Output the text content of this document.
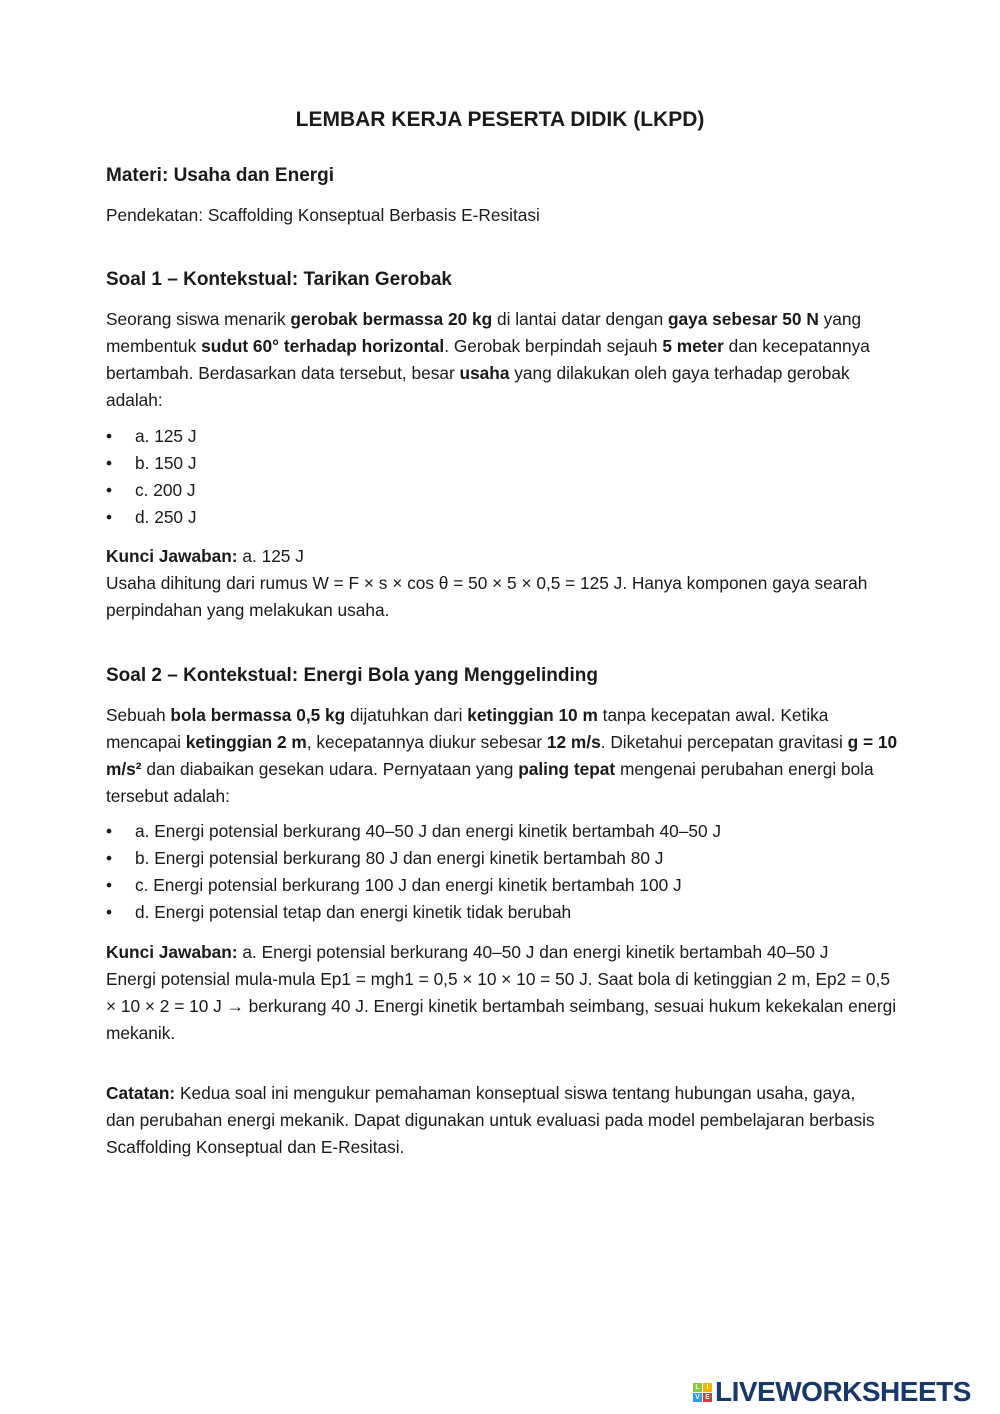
LEMBAR KERJA PESERTA DIDIK (LKPD)
Materi: Usaha dan Energi
Pendekatan: Scaffolding Konseptual Berbasis E-Resitasi
Soal 1 – Kontekstual: Tarikan Gerobak
Seorang siswa menarik gerobak bermassa 20 kg di lantai datar dengan gaya sebesar 50 N yang membentuk sudut 60° terhadap horizontal. Gerobak berpindah sejauh 5 meter dan kecepatannya bertambah. Berdasarkan data tersebut, besar usaha yang dilakukan oleh gaya terhadap gerobak adalah:
• a. 125 J
• b. 150 J
• c. 200 J
• d. 250 J
Kunci Jawaban: a. 125 J
Usaha dihitung dari rumus W = F × s × cos θ = 50 × 5 × 0,5 = 125 J. Hanya komponen gaya searah perpindahan yang melakukan usaha.
Soal 2 – Kontekstual: Energi Bola yang Menggelinding
Sebuah bola bermassa 0,5 kg dijatuhkan dari ketinggian 10 m tanpa kecepatan awal. Ketika mencapai ketinggian 2 m, kecepatannya diukur sebesar 12 m/s. Diketahui percepatan gravitasi g = 10 m/s² dan diabaikan gesekan udara. Pernyataan yang paling tepat mengenai perubahan energi bola tersebut adalah:
• a. Energi potensial berkurang 40–50 J dan energi kinetik bertambah 40–50 J
• b. Energi potensial berkurang 80 J dan energi kinetik bertambah 80 J
• c. Energi potensial berkurang 100 J dan energi kinetik bertambah 100 J
• d. Energi potensial tetap dan energi kinetik tidak berubah
Kunci Jawaban: a. Energi potensial berkurang 40–50 J dan energi kinetik bertambah 40–50 J
Energi potensial mula-mula Ep1 = mgh1 = 0,5 × 10 × 10 = 50 J. Saat bola di ketinggian 2 m, Ep2 = 0,5 × 10 × 2 = 10 J → berkurang 40 J. Energi kinetik bertambah seimbang, sesuai hukum kekekalan energi mekanik.
Catatan: Kedua soal ini mengukur pemahaman konseptual siswa tentang hubungan usaha, gaya, dan perubahan energi mekanik. Dapat digunakan untuk evaluasi pada model pembelajaran berbasis Scaffolding Konseptual dan E-Resitasi.
L I
V E LIVEWORKSHEETS
